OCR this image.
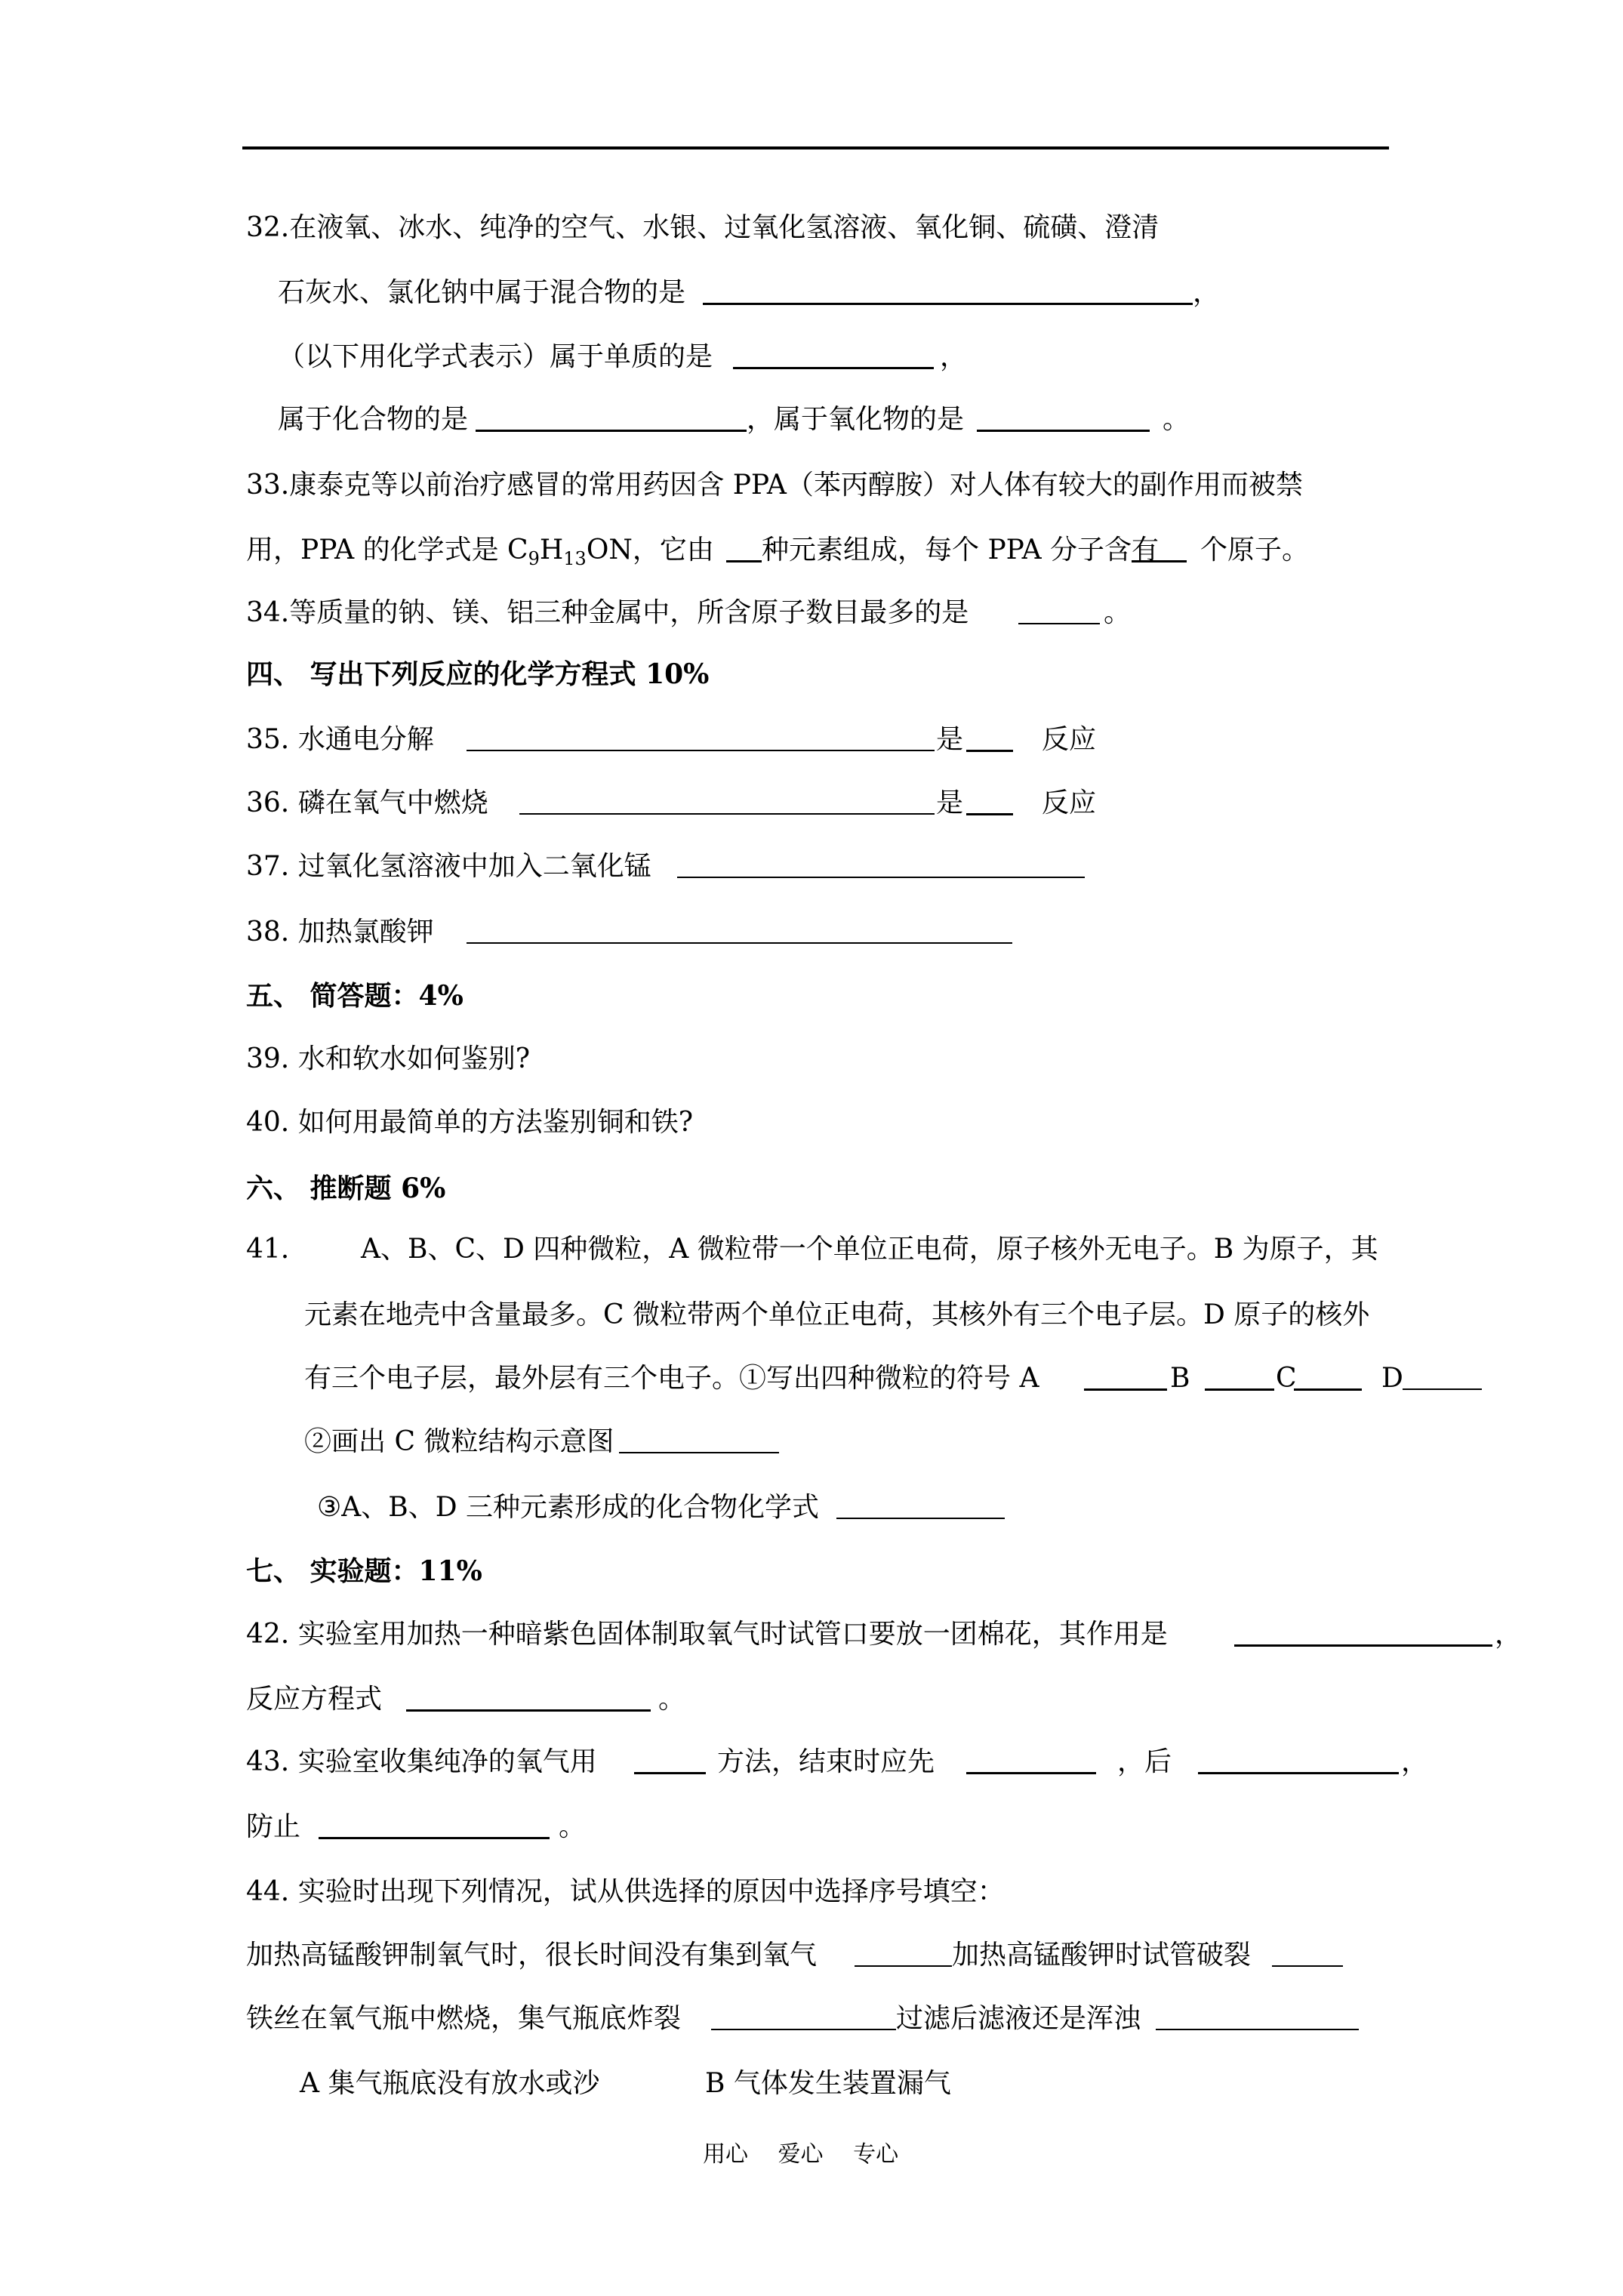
32.在液氧、冰水、纯净的空气、水银、过氧化氢溶液、氧化铜、硫磺、澄清
石灰水、氯化钠中属于混合物的是	，
（以下用化学式表示）属于单质的是	，
属于化合物的是	，属于氧化物的是	。
33.康泰克等以前治疗感冒的常用药因含 PPA（苯丙醇胺）对人体有较大的副作用而被禁
用，PPA 的化学式是 $C_9H_{13}ON$，它由 种元素组成，每个 PPA 分子含有 个原子。
34.等质量的钠、镁、铝三种金属中，所含原子数目最多的是	。
四、 写出下列反应的化学方程式 10%
35. 水通电分解	是	反应
36. 磷在氧气中燃烧	是	反应
37. 过氧化氢溶液中加入二氧化锰
38. 加热氯酸钾
五、 简答题：4%
39. 水和软水如何鉴别?
40. 如何用最简单的方法鉴别铜和铁?
六、 推断题 6%
41.	A、B、C、D 四种微粒，A 微粒带一个单位正电荷，原子核外无电子。B 为原子，其
元素在地壳中含量最多。C 微粒带两个单位正电荷，其核外有三个电子层。D 原子的核外
有三个电子层，最外层有三个电子。①写出四种微粒的符号 A	B	C	D
②画出 C 微粒结构示意图
③A、B、D 三种元素形成的化合物化学式
七、 实验题：11%
42. 实验室用加热一种暗紫色固体制取氧气时试管口要放一团棉花，其作用是	，
反应方程式	。
43. 实验室收集纯净的氧气用	方法，结束时应先	，后	，
防止	。
44. 实验时出现下列情况，试从供选择的原因中选择序号填空：
加热高锰酸钾制氧气时，很长时间没有集到氧气	加热高锰酸钾时试管破裂
铁丝在氧气瓶中燃烧，集气瓶底炸裂	过滤后滤液还是浑浊
A 集气瓶底没有放水或沙	B 气体发生装置漏气
用心　 爱心　 专心
